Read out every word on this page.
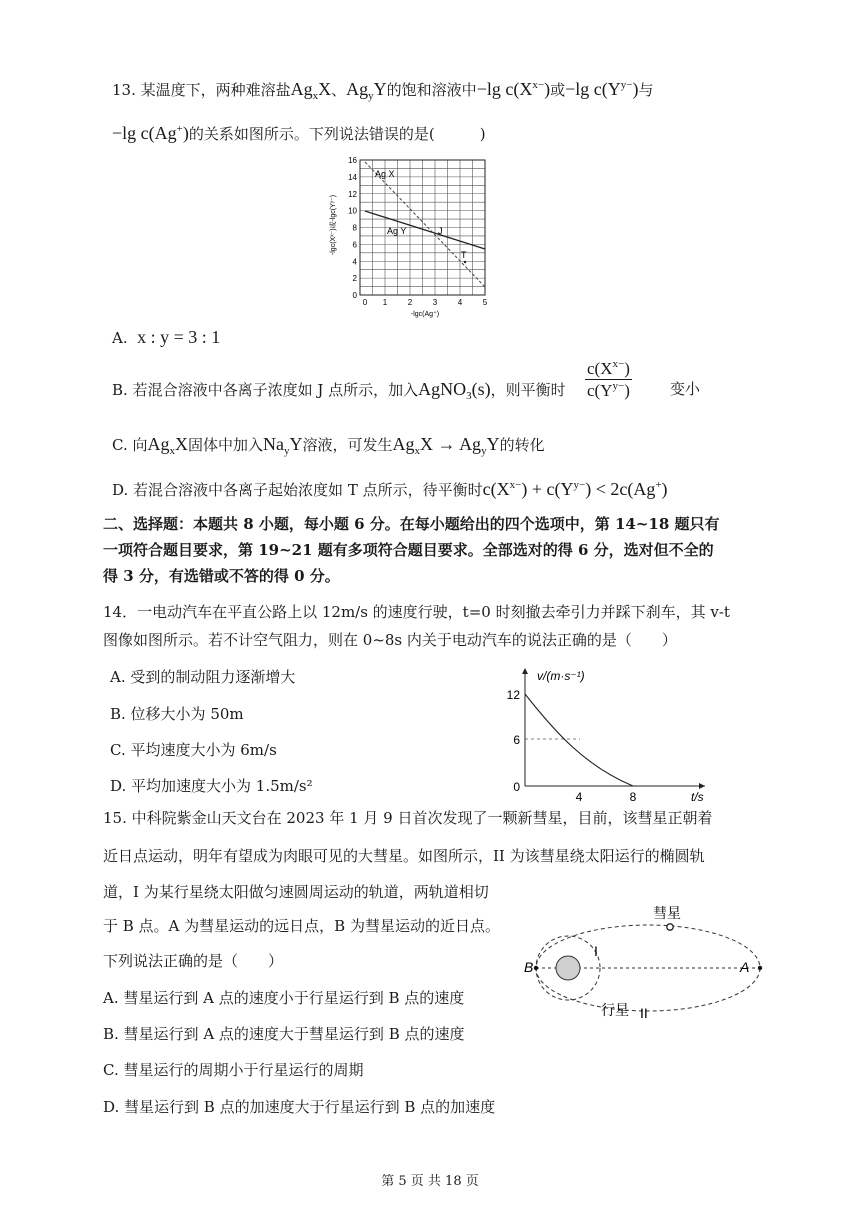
13. 某温度下，两种难溶盐$Ag_xX$、$Ag_yY$的饱和溶液中−lg $c(X^{x-})$或−lg $c(Y^{y-})$与
−lg c(Ag+)的关系如图所示。下列说法错误的是(　　　)
Ag X
Ag Y	J
T
0
2
4
6
8
10
12
14
16
0 1	2	3	4	5
-lgc(Xˣ⁻)或-lgc(Yʸ⁻)
-lgc(Ag⁺)
A. x : y = 3 : 1
B. 若混合溶液中各离子浓度如 J 点所示，加入AgNO$_3$(s)，则平衡时 $\frac{c(X^{x-})}{c(Y^{y-})}$	变小
C. 向$Ag_xX$固体中加入$Na_yY$溶液，可发生$Ag_xX \to Ag_yY$的转化
D. 若混合溶液中各离子起始浓度如 T 点所示，待平衡时$c(X^{x-}) + c(Y^{y-}) < 2c(Ag^+)$
二、选择题：本题共 8 小题，每小题 6 分。在每小题给出的四个选项中，第 14~18 题只有
一项符合题目要求，第 19~21 题有多项符合题目要求。全部选对的得 6 分，选对但不全的
得 3 分，有选错或不答的得 0 分。
14．一电动汽车在平直公路上以 12m/s 的速度行驶，t=0 时刻撤去牵引力并踩下刹车，其 v-t
图像如图所示。若不计空气阻力，则在 0~8s 内关于电动汽车的说法正确的是（　　）
A. 受到的制动阻力逐渐增大
B. 位移大小为 50m
C. 平均速度大小为 6m/s
D. 平均加速度大小为 1.5m/s²
v/(m·s⁻¹)
t/s
12
6
0
4	8
15. 中科院紫金山天文台在 2023 年 1 月 9 日首次发现了一颗新彗星，目前，该彗星正朝着
近日点运动，明年有望成为肉眼可见的大彗星。如图所示，II 为该彗星绕太阳运行的椭圆轨
道，I 为某行星绕太阳做匀速圆周运动的轨道，两轨道相切
于 B 点。A 为彗星运动的远日点，B 为彗星运动的近日点。
下列说法正确的是（　　）
A. 彗星运行到 A 点的速度小于行星运行到 B 点的速度
B. 彗星运行到 A 点的速度大于彗星运行到 B 点的速度
C. 彗星运行的周期小于行星运行的周期
D. 彗星运行到 B 点的加速度大于行星运行到 B 点的加速度
彗星
行星
I
II
B	A
第 5 页 共 18 页
